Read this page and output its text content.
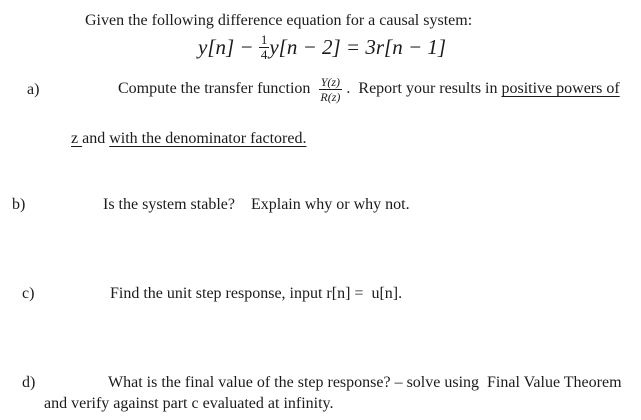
Given the following difference equation for a causal system:
$y[n] - \frac{1}{4} y[n - 2] = 3r[n - 1]$
a)	Compute the transfer function $\frac{Y(z)}{R(z)}$ .  Report your results in positive powers of

z and with the denominator factored.

b)	Is the system stable?    Explain why or why not.
c)	Find the unit step response, input r[n] =  u[n].
d)	What is the final value of the step response? – solve using  Final Value Theorem
and verify against part c evaluated at infinity.
